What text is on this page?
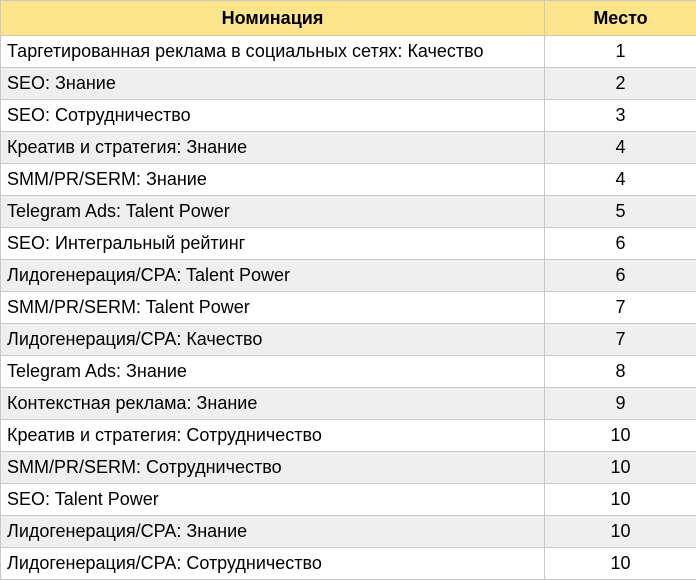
Номинация	Место
Таргетированная реклама в социальных сетях: Качество	1
SEO: Знание	2
SEO: Сотрудничество	3
Креатив и стратегия: Знание	4
SMM/PR/SERM: Знание	4
Telegram Ads: Talent Power	5
SEO: Интегральный рейтинг	6
Лидогенерация/CPA: Talent Power	6
SMM/PR/SERM: Talent Power	7
Лидогенерация/CPA: Качество	7
Telegram Ads: Знание	8
Контекстная реклама: Знание	9
Креатив и стратегия: Сотрудничество	10
SMM/PR/SERM: Сотрудничество	10
SEO: Talent Power	10
Лидогенерация/CPA: Знание	10
Лидогенерация/CPA: Сотрудничество	10
